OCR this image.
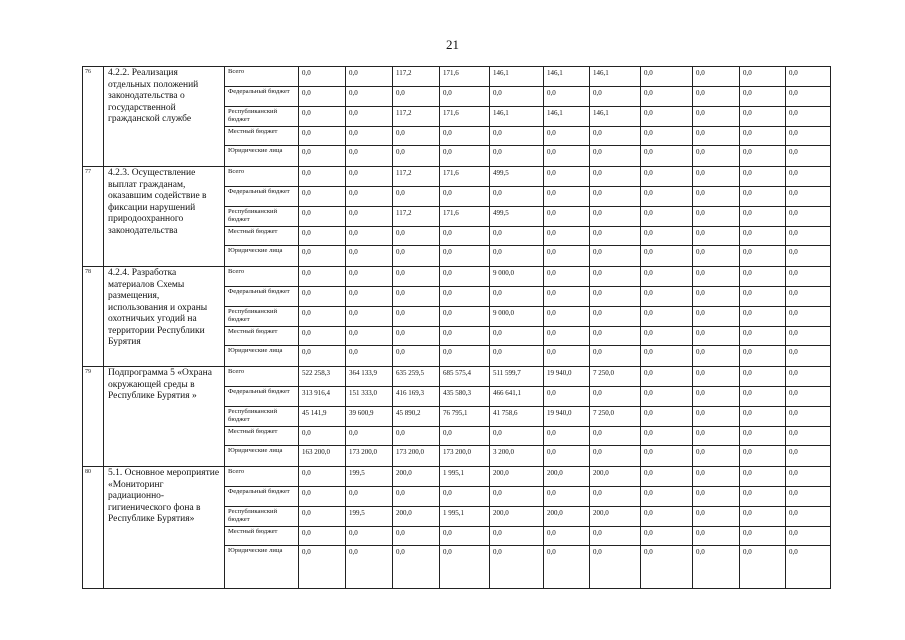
21
76	4.2.2. Реализация отдельных положений законодательства о государственной гражданской службе	Всего	0,0	0,0	117,2	171,6	146,1	146,1	146,1	0,0	0,0	0,0	0,0
		Федеральный бюджет	0,0	0,0	0,0	0,0	0,0	0,0	0,0	0,0	0,0	0,0	0,0
		Республиканский бюджет	0,0	0,0	117,2	171,6	146,1	146,1	146,1	0,0	0,0	0,0	0,0
		Местный бюджет	0,0	0,0	0,0	0,0	0,0	0,0	0,0	0,0	0,0	0,0	0,0
		Юридические лица	0,0	0,0	0,0	0,0	0,0	0,0	0,0	0,0	0,0	0,0	0,0
77	4.2.3. Осуществление выплат гражданам, оказавшим содействие в фиксации нарушений природоохранного законодательства	Всего	0,0	0,0	117,2	171,6	499,5	0,0	0,0	0,0	0,0	0,0	0,0
		Федеральный бюджет	0,0	0,0	0,0	0,0	0,0	0,0	0,0	0,0	0,0	0,0	0,0
		Республиканский бюджет	0,0	0,0	117,2	171,6	499,5	0,0	0,0	0,0	0,0	0,0	0,0
		Местный бюджет	0,0	0,0	0,0	0,0	0,0	0,0	0,0	0,0	0,0	0,0	0,0
		Юридические лица	0,0	0,0	0,0	0,0	0,0	0,0	0,0	0,0	0,0	0,0	0,0
78	4.2.4. Разработка материалов Схемы размещения, использования и охраны охотничьих угодий на территории Республики Бурятия	Всего	0,0	0,0	0,0	0,0	9 000,0	0,0	0,0	0,0	0,0	0,0	0,0
		Федеральный бюджет	0,0	0,0	0,0	0,0	0,0	0,0	0,0	0,0	0,0	0,0	0,0
		Республиканский бюджет	0,0	0,0	0,0	0,0	9 000,0	0,0	0,0	0,0	0,0	0,0	0,0
		Местный бюджет	0,0	0,0	0,0	0,0	0,0	0,0	0,0	0,0	0,0	0,0	0,0
		Юридические лица	0,0	0,0	0,0	0,0	0,0	0,0	0,0	0,0	0,0	0,0	0,0
79	Подпрограмма 5 «Охрана окружающей среды в Республике Бурятия »	Всего	522 258,3	364 133,9	635 259,5	685 575,4	511 599,7	19 940,0	7 250,0	0,0	0,0	0,0	0,0
		Федеральный бюджет	313 916,4	151 333,0	416 169,3	435 580,3	466 641,1	0,0	0,0	0,0	0,0	0,0	0,0
		Республиканский бюджет	45 141,9	39 600,9	45 890,2	76 795,1	41 758,6	19 940,0	7 250,0	0,0	0,0	0,0	0,0
		Местный бюджет	0,0	0,0	0,0	0,0	0,0	0,0	0,0	0,0	0,0	0,0	0,0
		Юридические лица	163 200,0	173 200,0	173 200,0	173 200,0	3 200,0	0,0	0,0	0,0	0,0	0,0	0,0
80	5.1. Основное мероприятие «Мониторинг радиационно-гигиенического фона в Республике Бурятия»	Всего	0,0	199,5	200,0	1 995,1	200,0	200,0	200,0	0,0	0,0	0,0	0,0
		Федеральный бюджет	0,0	0,0	0,0	0,0	0,0	0,0	0,0	0,0	0,0	0,0	0,0
		Республиканский бюджет	0,0	199,5	200,0	1 995,1	200,0	200,0	200,0	0,0	0,0	0,0	0,0
		Местный бюджет	0,0	0,0	0,0	0,0	0,0	0,0	0,0	0,0	0,0	0,0	0,0
		Юридические лица	0,0	0,0	0,0	0,0	0,0	0,0	0,0	0,0	0,0	0,0	0,0
